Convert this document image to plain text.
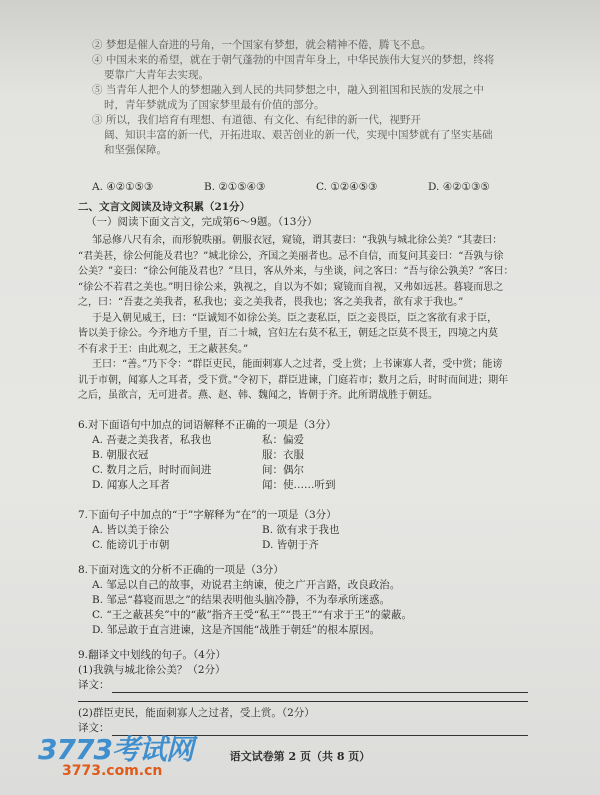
② 梦想是催人奋进的号角，一个国家有梦想，就会精神不倦，腾飞不息。
④ 中国未来的希望，就在于朝气蓬勃的中国青年身上，中华民族伟大复兴的梦想，终将
要靠广大青年去实现。
⑤ 当青年人把个人的梦想融入到人民的共同梦想之中，融入到祖国和民族的发展之中
时，青年梦就成为了国家梦里最有价值的部分。
③ 所以，我们培育有理想、有道德、有文化、有纪律的新一代，视野开
阔、知识丰富的新一代，开拓进取、艰苦创业的新一代，实现中国梦就有了坚实基础
和坚强保障。
A. ④②①⑤③	B. ②①⑤④③	C. ①②④⑤③	D. ④②①③⑤
二、文言文阅读及诗文积累（21分）
（一）阅读下面文言文，完成第6～9题。（13分）
邹忌修八尺有余，而形貌昳丽。朝服衣冠，窥镜，谓其妻曰：“我孰与城北徐公美？”其妻曰：
“君美甚，徐公何能及君也？”城北徐公，齐国之美丽者也。忌不自信，而复问其妾曰：“吾孰与徐
公美？”妾曰：“徐公何能及君也？”旦日，客从外来，与坐谈，问之客曰：“吾与徐公孰美？”客曰：
“徐公不若君之美也。”明日徐公来，孰视之，自以为不如；窥镜而自视，又弗如远甚。暮寝而思之
之，曰：“吾妻之美我者，私我也；妾之美我者，畏我也；客之美我者，欲有求于我也。”
于是入朝见威王，曰：“臣诚知不如徐公美。臣之妻私臣，臣之妾畏臣，臣之客欲有求于臣，
皆以美于徐公。今齐地方千里，百二十城，宫妇左右莫不私王，朝廷之臣莫不畏王，四境之内莫
不有求于王：由此观之，王之蔽甚矣。”
王曰：“善。”乃下令：“群臣吏民，能面刺寡人之过者，受上赏；上书谏寡人者，受中赏；能谤
讥于市朝，闻寡人之耳者，受下赏。”令初下，群臣进谏，门庭若市；数月之后，时时而间进；期年
之后，虽欲言，无可进者。燕、赵、韩、魏闻之，皆朝于齐。此所谓战胜于朝廷。
6.对下面语句中加点的词语解释不正确的一项是（3分）
A. 吾妻之美我者，私我也	私：偏爱
B. 朝服衣冠	服：衣服
C. 数月之后，时时而间进	间：偶尔
D. 闻寡人之耳者	闻：使……听到
7.下面句子中加点的“于”字解释为“在”的一项是（3分）
A. 皆以美于徐公	B. 欲有求于我也
C. 能谤讥于市朝	D. 皆朝于齐
8.下面对选文的分析不正确的一项是（3分）
A. 邹忌以自己的故事，劝说君主纳谏，使之广开言路，改良政治。
B. 邹忌“暮寝而思之”的结果表明他头脑冷静，不为奉承所迷惑。
C. “王之蔽甚矣”中的“蔽”指齐王受“私王”“畏王”“有求于王”的蒙蔽。
D. 邹忌敢于直言进谏，这是齐国能“战胜于朝廷”的根本原因。
9.翻译文中划线的句子。（4分）
(1)我孰与城北徐公美？（2分）
译文：
(2)群臣吏民，能面刺寡人之过者，受上赏。（2分）
译文：
语文试卷第 2 页（共 8 页）
3773考试网
3773.com.cn
